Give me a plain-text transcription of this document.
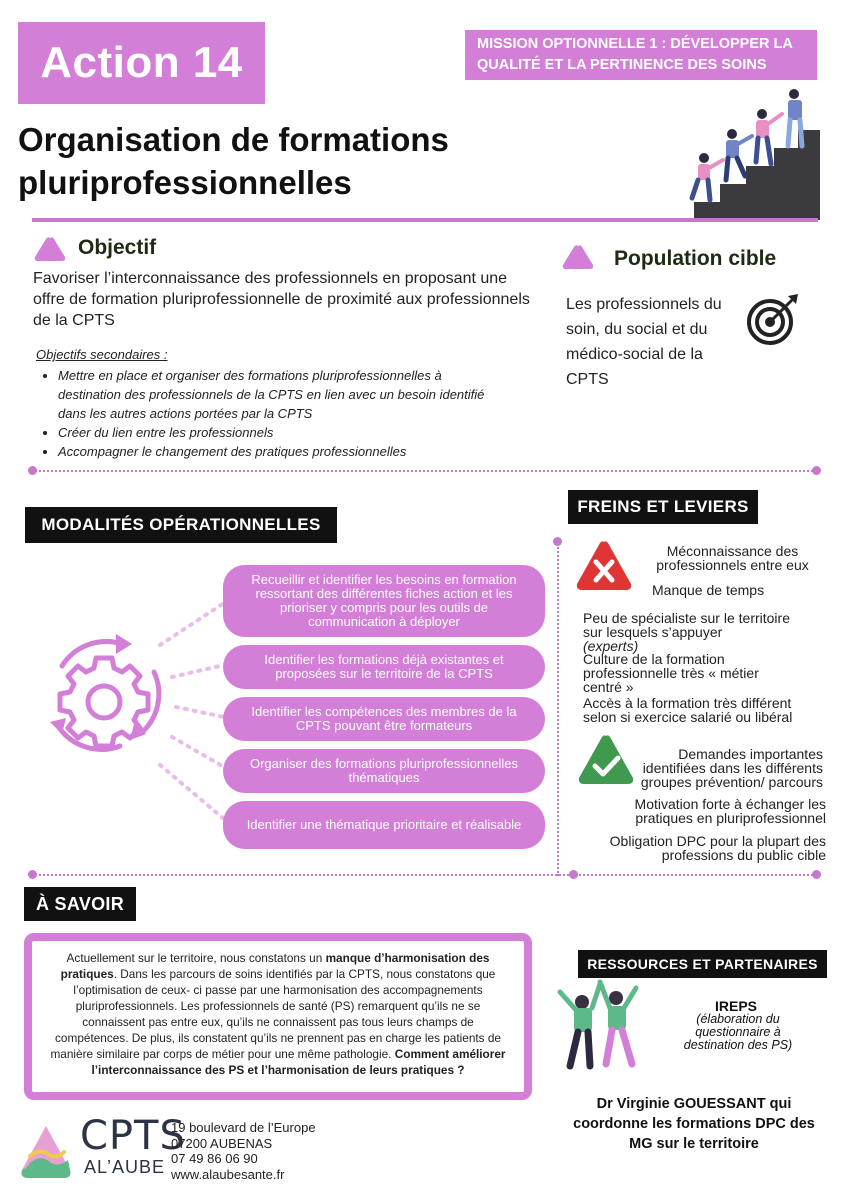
Action 14	MISSION OPTIONNELLE 1 : DÉVELOPPER LA QUALITÉ ET LA PERTINENCE DES SOINS
Organisation de formations
pluriprofessionnelles
Objectif
Favoriser l’interconnaissance des professionnels en proposant une offre de formation pluriprofessionnelle de proximité aux professionnels de la CPTS
Objectifs secondaires :
• Mettre en place et organiser des formations pluriprofessionnelles à destination des professionnels de la CPTS en lien avec un besoin identifié dans les autres actions portées par la CPTS
• Créer du lien entre les professionnels
• Accompagner le changement des pratiques professionnelles
Population cible
Les professionnels du soin, du social et du médico-social de la CPTS
MODALITÉS OPÉRATIONNELLES
Recueillir et identifier les besoins en formation ressortant des différentes fiches action et les prioriser y compris pour les outils de communication à déployer
Identifier les formations déjà existantes et proposées sur le territoire de la CPTS
Identifier les compétences des membres de la CPTS pouvant être formateurs
Organiser des formations pluriprofessionnelles thématiques
Identifier une thématique prioritaire et réalisable
FREINS ET LEVIERS
Méconnaissance des professionnels entre eux
Manque de temps
Peu de spécialiste sur le territoire sur lesquels s’appuyer
(experts)
Culture de la formation professionnelle très « métier centré »
Accès à la formation très différent selon si exercice salarié ou libéral
Demandes importantes identifiées dans les différents groupes prévention/ parcours
Motivation forte à échanger les pratiques en pluriprofessionnel
Obligation DPC pour la plupart des professions du public cible
À SAVOIR
Actuellement sur le territoire, nous constatons un manque d’harmonisation des pratiques. Dans les parcours de soins identifiés par la CPTS, nous constatons que l’optimisation de ceux- ci passe par une harmonisation des accompagnements pluriprofessionnels. Les professionnels de santé (PS) remarquent qu’ils ne se connaissent pas entre eux, qu’ils ne connaissent pas tous leurs champs de compétences. De plus, ils constatent qu’ils ne prennent pas en charge les patients de manière similaire par corps de métier pour une même pathologie. Comment améliorer l’interconnaissance des PS et l’harmonisation de leurs pratiques ?
RESSOURCES ET PARTENAIRES
IREPS
(élaboration du questionnaire à destination des PS)
Dr Virginie GOUESSANT qui coordonne les formations DPC des MG sur le territoire
CPTS
AL’AUBE
19 boulevard de l’Europe
07200 AUBENAS
07 49 86 06 90
www.alaubesante.fr
